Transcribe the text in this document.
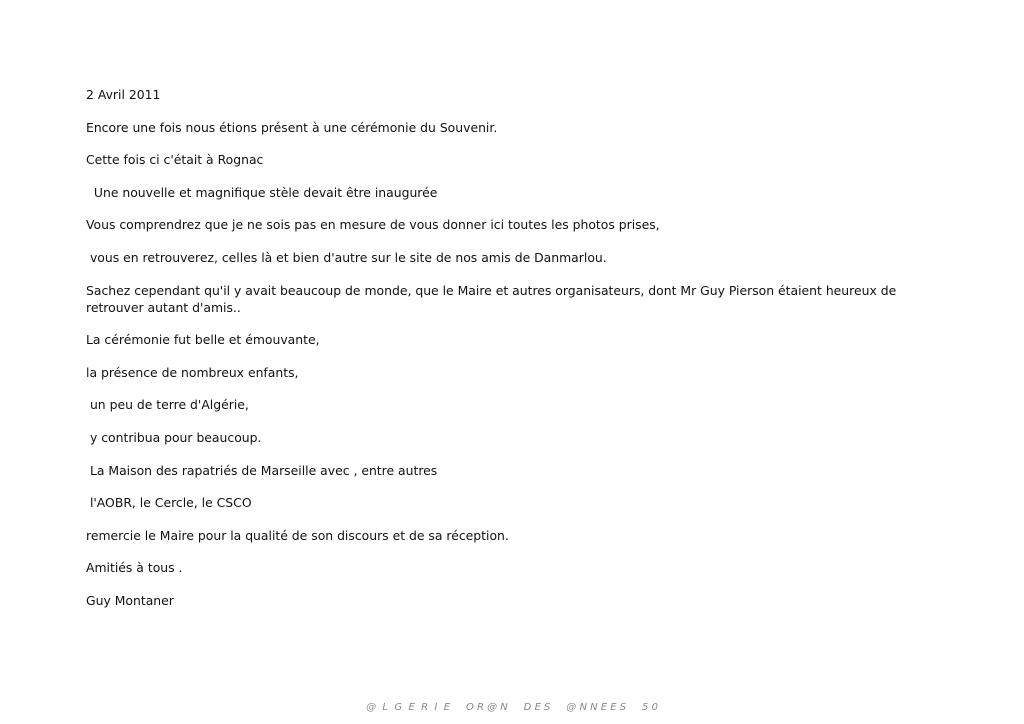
2 Avril 2011

Encore une fois nous étions présent à une cérémonie du Souvenir.

Cette fois ci c'était à Rognac

Une nouvelle et magnifique stèle devait être inaugurée

Vous comprendrez que je ne sois pas en mesure de vous donner ici toutes les photos prises,

vous en retrouverez, celles là et bien d'autre sur le site de nos amis de Danmarlou.

Sachez cependant qu'il y avait beaucoup de monde, que le Maire et autres organisateurs, dont Mr Guy Pierson étaient heureux de retrouver autant d'amis..

La cérémonie fut belle et émouvante,

la présence de nombreux enfants,

un peu de terre d'Algérie,

y contribua pour beaucoup.

La Maison des rapatriés de Marseille avec , entre autres

l'AOBR, le Cercle, le CSCO

remercie le Maire pour la qualité de son discours et de sa réception.

Amitiés à tous .

Guy Montaner

@  L  G  E  R  I  E     O R @ N     D E S     @ N N E E S     5 0
